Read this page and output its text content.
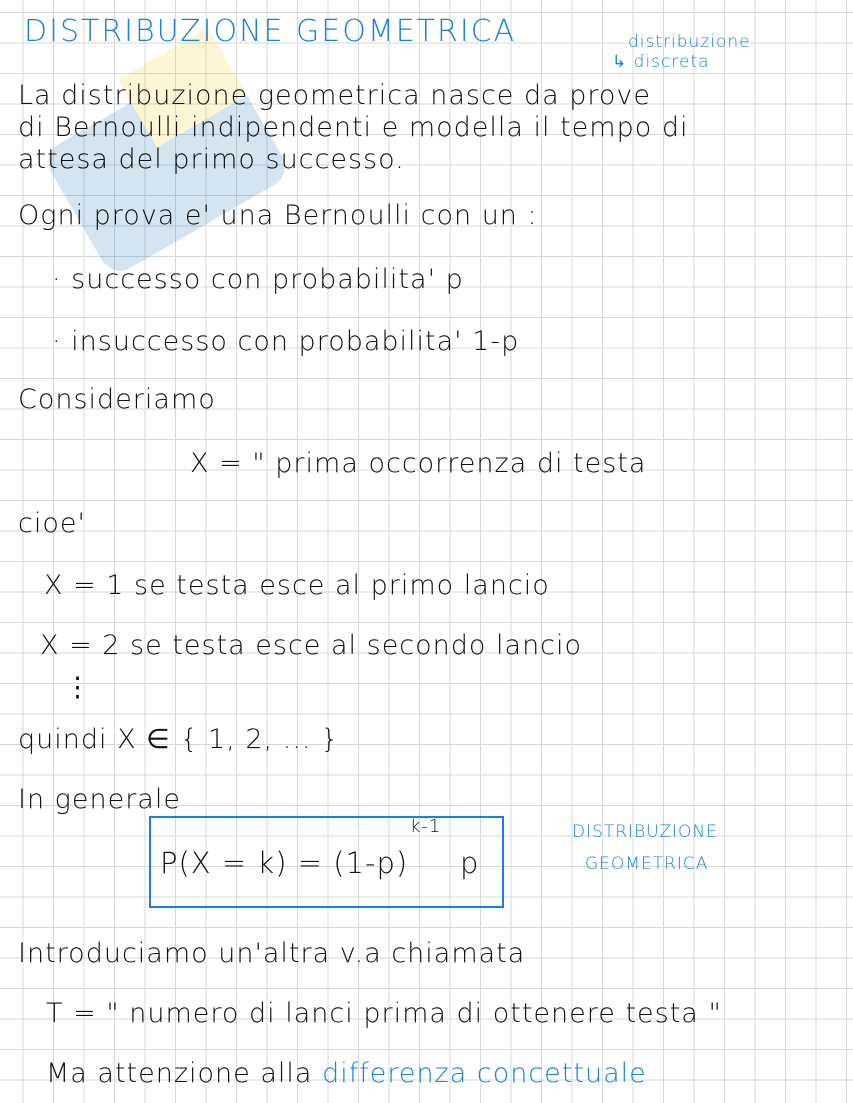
DISTRIBUZIONE GEOMETRICA	distribuzione
↳ discreta
La distribuzione geometrica nasce da prove
di Bernoulli indipendenti e modella il tempo di
attesa del primo successo.
Ogni prova e' una Bernoulli con un :
· successo con probabilita' p
· insuccesso con probabilita' 1-p
Consideriamo
X = " prima occorrenza di testa
cioe'
X = 1 se testa esce al primo lancio
X = 2 se testa esce al secondo lancio
⋮
quindi X ∈ { 1, 2, ... }
In generale
P(X = k) = (1-p)
k-1
p
DISTRIBUZIONE
GEOMETRICA
Introduciamo un'altra v.a chiamata
T = " numero di lanci prima di ottenere testa "
Ma attenzione alla differenza concettuale
